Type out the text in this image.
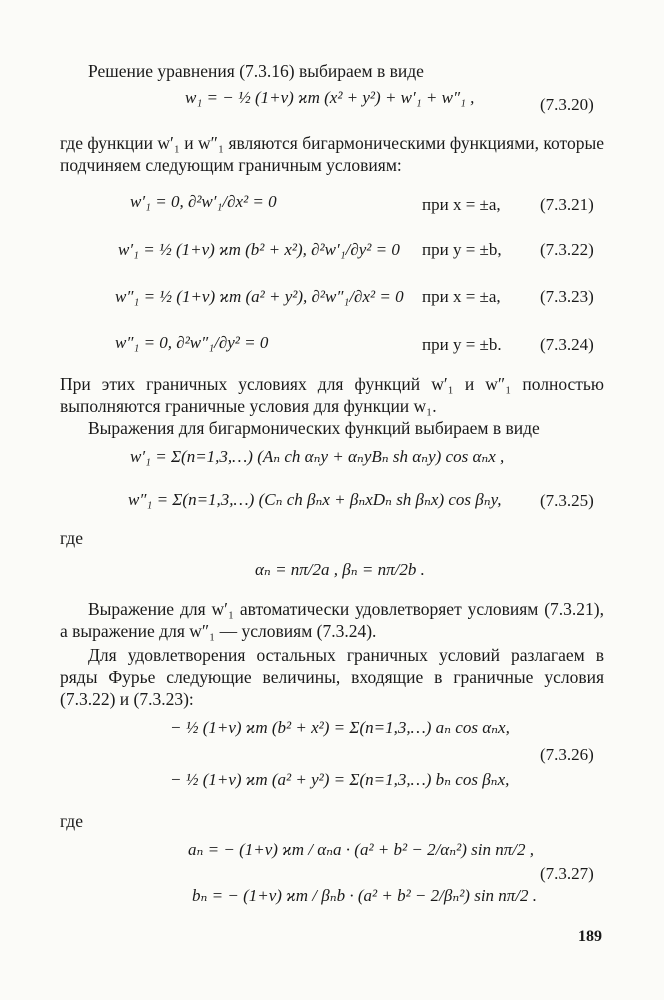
Решение уравнения (7.3.16) выбираем в виде
w₁ = − ½ (1+ν) ϰт (x² + y²) + w′₁ + w″₁ ,	(7.3.20)
где функции w′₁ и w″₁ являются бигармоническими функциями, которые подчиняем следующим граничным условиям:
w′₁ = 0, ∂²w′₁/∂x² = 0	при x = ±a, (7.3.21)
w′₁ = ½ (1+ν) ϰт (b² + x²), ∂²w′₁/∂y² = 0 при y = ±b, (7.3.22)
w″₁ = ½ (1+ν) ϰт (a² + y²), ∂²w″₁/∂x² = 0 при x = ±a, (7.3.23)
w″₁ = 0, ∂²w″₁/∂y² = 0	при y = ±b. (7.3.24)
При этих граничных условиях для функций w′₁ и w″₁ полностью выполняются граничные условия для функции w₁.
Выражения для бигармонических функций выбираем в виде
w′₁ = Σ(n=1,3,…) (Aₙ ch αₙy + αₙyBₙ sh αₙy) cos αₙx ,
w″₁ = Σ(n=1,3,…) (Cₙ ch βₙx + βₙxDₙ sh βₙx) cos βₙy, (7.3.25)
где
αₙ = nπ/2a , βₙ = nπ/2b .
Выражение для w′₁ автоматически удовлетворяет условиям (7.3.21), а выражение для w″₁ — условиям (7.3.24).
Для удовлетворения остальных граничных условий разлагаем в ряды Фурье следующие величины, входящие в граничные условия (7.3.22) и (7.3.23):
− ½ (1+ν) ϰт (b² + x²) = Σ(n=1,3,…) aₙ cos αₙx,
− ½ (1+ν) ϰт (a² + y²) = Σ(n=1,3,…) bₙ cos βₙx,
(7.3.26)
где
aₙ = − (1+ν) ϰт / αₙa · (a² + b² − 2/αₙ²) sin nπ/2 ,
bₙ = − (1+ν) ϰт / βₙb · (a² + b² − 2/βₙ²) sin nπ/2 .
(7.3.27)
189
